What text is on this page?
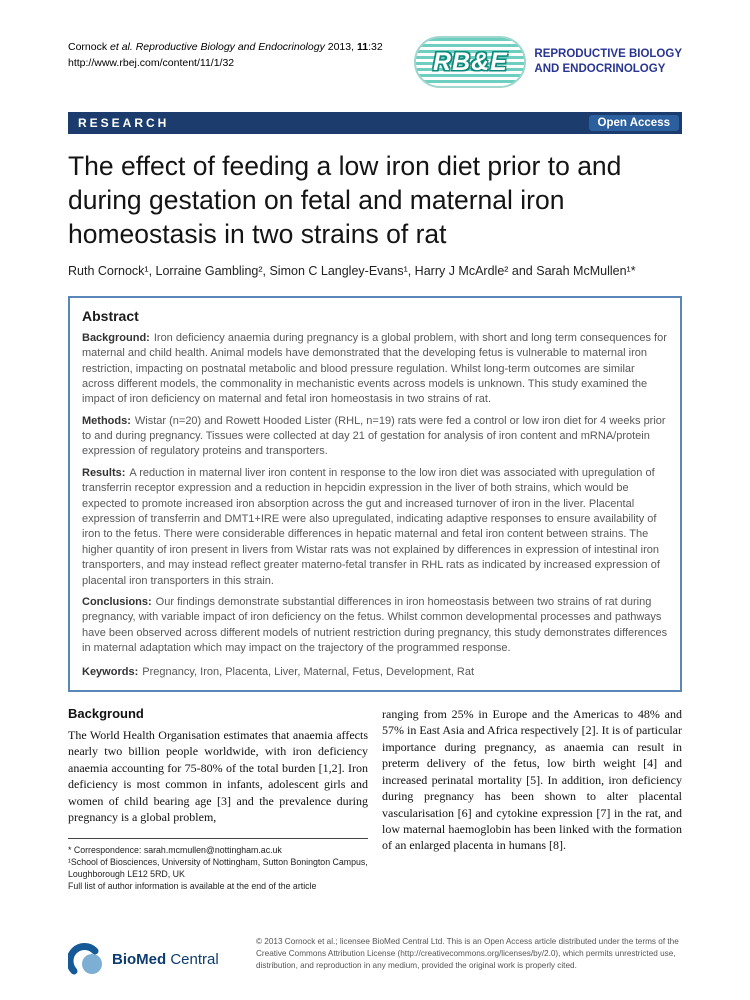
Cornock et al. Reproductive Biology and Endocrinology 2013, 11:32
http://www.rbej.com/content/11/1/32	RB&E REPRODUCTIVE BIOLOGY
AND ENDOCRINOLOGY
RESEARCH	Open Access
The effect of feeding a low iron diet prior to and during gestation on fetal and maternal iron homeostasis in two strains of rat
Ruth Cornock¹, Lorraine Gambling², Simon C Langley-Evans¹, Harry J McArdle² and Sarah McMullen¹*
Abstract

Background: Iron deficiency anaemia during pregnancy is a global problem, with short and long term consequences for maternal and child health. Animal models have demonstrated that the developing fetus is vulnerable to maternal iron restriction, impacting on postnatal metabolic and blood pressure regulation. Whilst long-term outcomes are similar across different models, the commonality in mechanistic events across models is unknown. This study examined the impact of iron deficiency on maternal and fetal iron homeostasis in two strains of rat.

Methods: Wistar (n=20) and Rowett Hooded Lister (RHL, n=19) rats were fed a control or low iron diet for 4 weeks prior to and during pregnancy. Tissues were collected at day 21 of gestation for analysis of iron content and mRNA/protein expression of regulatory proteins and transporters.

Results: A reduction in maternal liver iron content in response to the low iron diet was associated with upregulation of transferrin receptor expression and a reduction in hepcidin expression in the liver of both strains, which would be expected to promote increased iron absorption across the gut and increased turnover of iron in the liver. Placental expression of transferrin and DMT1+IRE were also upregulated, indicating adaptive responses to ensure availability of iron to the fetus. There were considerable differences in hepatic maternal and fetal iron content between strains. The higher quantity of iron present in livers from Wistar rats was not explained by differences in expression of intestinal iron transporters, and may instead reflect greater materno-fetal transfer in RHL rats as indicated by increased expression of placental iron transporters in this strain.

Conclusions: Our findings demonstrate substantial differences in iron homeostasis between two strains of rat during pregnancy, with variable impact of iron deficiency on the fetus. Whilst common developmental processes and pathways have been observed across different models of nutrient restriction during pregnancy, this study demonstrates differences in maternal adaptation which may impact on the trajectory of the programmed response.

Keywords: Pregnancy, Iron, Placenta, Liver, Maternal, Fetus, Development, Rat

Background
The World Health Organisation estimates that anaemia affects nearly two billion people worldwide, with iron deficiency anaemia accounting for 75-80% of the total burden [1,2]. Iron deficiency is most common in infants, adolescent girls and women of child bearing age [3] and the prevalence during pregnancy is a global problem,
* Correspondence: sarah.mcmullen@nottingham.ac.uk
¹School of Biosciences, University of Nottingham, Sutton Bonington Campus, Loughborough LE12 5RD, UK
Full list of author information is available at the end of the article
ranging from 25% in Europe and the Americas to 48% and 57% in East Asia and Africa respectively [2]. It is of particular importance during pregnancy, as anaemia can result in preterm delivery of the fetus, low birth weight [4] and increased perinatal mortality [5]. In addition, iron deficiency during pregnancy has been shown to alter placental vascularisation [6] and cytokine expression [7] in the rat, and low maternal haemoglobin has been linked with the formation of an enlarged placenta in humans [8].
BioMed Central
© 2013 Cornock et al.; licensee BioMed Central Ltd. This is an Open Access article distributed under the terms of the Creative Commons Attribution License (http://creativecommons.org/licenses/by/2.0), which permits unrestricted use, distribution, and reproduction in any medium, provided the original work is properly cited.
